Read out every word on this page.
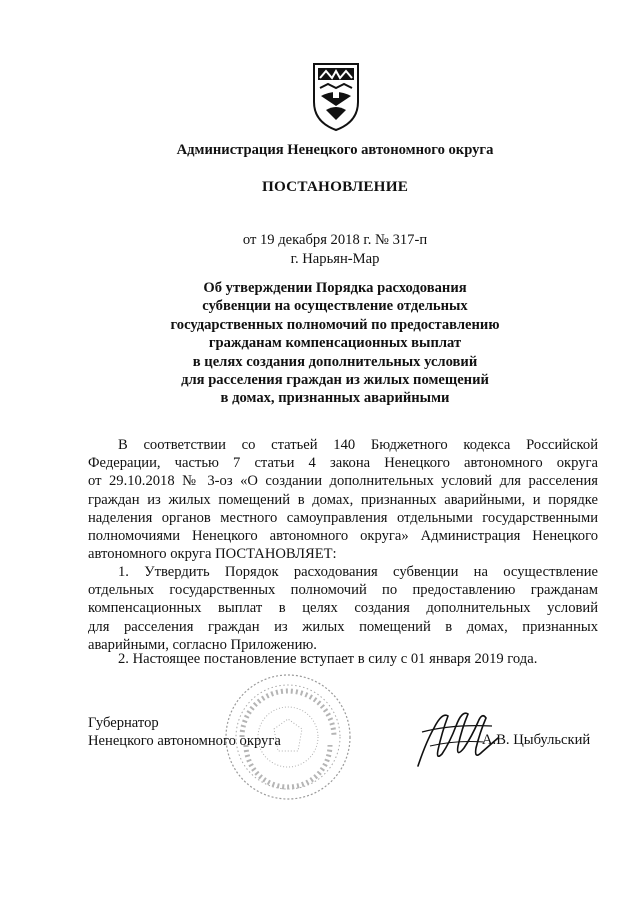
Администрация Ненецкого автономного округа
ПОСТАНОВЛЕНИЕ
от 19 декабря 2018 г. № 317-п
г. Нарьян-Мар
Об утверждении Порядка расходования
субвенции на осуществление отдельных
государственных полномочий по предоставлению
гражданам компенсационных выплат
в целях создания дополнительных условий
для расселения граждан из жилых помещений
в домах, признанных аварийными
В соответствии со статьей 140 Бюджетного кодекса Российской
Федерации, частью 7 статьи 4 закона Ненецкого автономного округа
от 29.10.2018 № 3-оз «О создании дополнительных условий для расселения
граждан из жилых помещений в домах, признанных аварийными, и порядке
наделения органов местного самоуправления отдельными государственными
полномочиями Ненецкого автономного округа» Администрация Ненецкого
автономного округа ПОСТАНОВЛЯЕТ:
1. Утвердить Порядок расходования субвенции на осуществление
отдельных государственных полномочий по предоставлению гражданам
компенсационных выплат в целях создания дополнительных условий
для расселения граждан из жилых помещений в домах, признанных
аварийными, согласно Приложению.
2. Настоящее постановление вступает в силу с 01 января 2019 года.
Губернатор
Ненецкого автономного округа	А.В. Цыбульский
